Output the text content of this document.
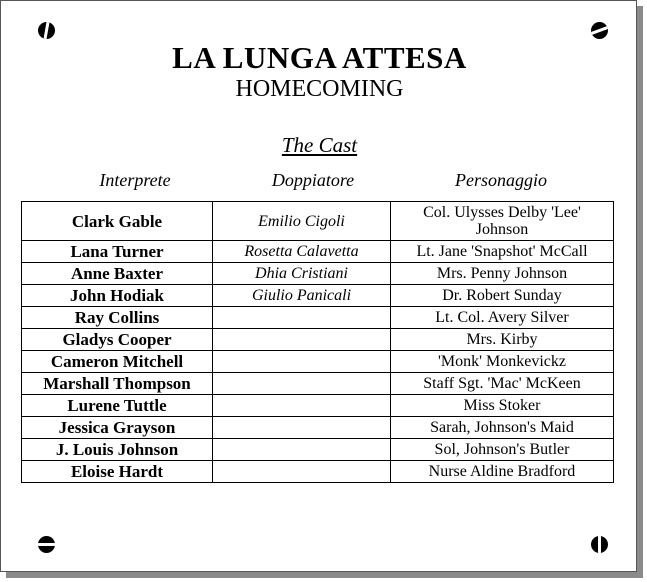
LA LUNGA ATTESA
HOMECOMING
The Cast
Interprete	Doppiatore	Personaggio
Clark Gable	Emilio Cigoli	Col. Ulysses Delby 'Lee' Johnson
Lana Turner	Rosetta Calavetta	Lt. Jane 'Snapshot' McCall
Anne Baxter	Dhia Cristiani	Mrs. Penny Johnson
John Hodiak	Giulio Panicali	Dr. Robert Sunday
Ray Collins		Lt. Col. Avery Silver
Gladys Cooper		Mrs. Kirby
Cameron Mitchell		'Monk' Monkevickz
Marshall Thompson		Staff Sgt. 'Mac' McKeen
Lurene Tuttle		Miss Stoker
Jessica Grayson		Sarah, Johnson's Maid
J. Louis Johnson		Sol, Johnson's Butler
Eloise Hardt		Nurse Aldine Bradford
